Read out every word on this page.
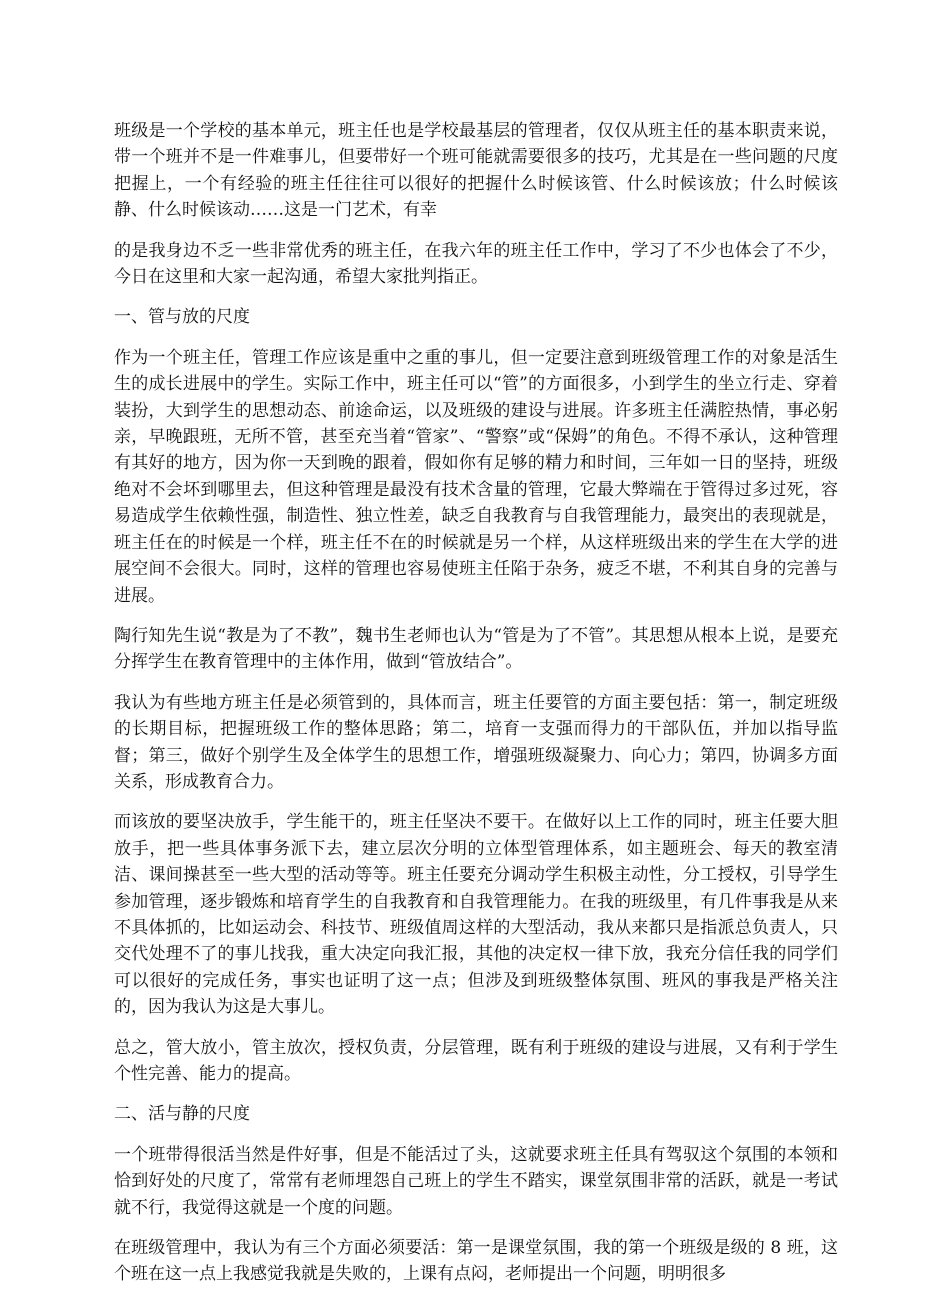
班级是一个学校的基本单元，班主任也是学校最基层的管理者，仅仅从班主任的基本职责来说，带一个班并不是一件难事儿，但要带好一个班可能就需要很多的技巧，尤其是在一些问题的尺度把握上，一个有经验的班主任往往可以很好的把握什么时候该管、什么时候该放；什么时候该静、什么时候该动……这是一门艺术，有幸

的是我身边不乏一些非常优秀的班主任，在我六年的班主任工作中，学习了不少也体会了不少，今日在这里和大家一起沟通，希望大家批判指正。

一、管与放的尺度

作为一个班主任，管理工作应该是重中之重的事儿，但一定要注意到班级管理工作的对象是活生生的成长进展中的学生。实际工作中，班主任可以“管”的方面很多，小到学生的坐立行走、穿着装扮，大到学生的思想动态、前途命运，以及班级的建设与进展。许多班主任满腔热情，事必躬亲，早晚跟班，无所不管，甚至充当着“管家”、“警察”或“保姆”的角色。不得不承认，这种管理有其好的地方，因为你一天到晚的跟着，假如你有足够的精力和时间，三年如一日的坚持，班级绝对不会坏到哪里去，但这种管理是最没有技术含量的管理，它最大弊端在于管得过多过死，容易造成学生依赖性强，制造性、独立性差，缺乏自我教育与自我管理能力，最突出的表现就是，班主任在的时候是一个样，班主任不在的时候就是另一个样，从这样班级出来的学生在大学的进展空间不会很大。同时，这样的管理也容易使班主任陷于杂务，疲乏不堪，不利其自身的完善与进展。

陶行知先生说“教是为了不教”，魏书生老师也认为“管是为了不管”。其思想从根本上说，是要充分挥学生在教育管理中的主体作用，做到“管放结合”。

我认为有些地方班主任是必须管到的，具体而言，班主任要管的方面主要包括：第一，制定班级的长期目标，把握班级工作的整体思路；第二，培育一支强而得力的干部队伍，并加以指导监督；第三，做好个别学生及全体学生的思想工作，增强班级凝聚力、向心力；第四，协调多方面关系，形成教育合力。

而该放的要坚决放手，学生能干的，班主任坚决不要干。在做好以上工作的同时，班主任要大胆放手，把一些具体事务派下去，建立层次分明的立体型管理体系，如主题班会、每天的教室清洁、课间操甚至一些大型的活动等等。班主任要充分调动学生积极主动性，分工授权，引导学生参加管理，逐步锻炼和培育学生的自我教育和自我管理能力。在我的班级里，有几件事我是从来不具体抓的，比如运动会、科技节、班级值周这样的大型活动，我从来都只是指派总负责人，只交代处理不了的事儿找我，重大决定向我汇报，其他的决定权一律下放，我充分信任我的同学们可以很好的完成任务，事实也证明了这一点；但涉及到班级整体氛围、班风的事我是严格关注的，因为我认为这是大事儿。

总之，管大放小，管主放次，授权负责，分层管理，既有利于班级的建设与进展，又有利于学生个性完善、能力的提高。

二、活与静的尺度

一个班带得很活当然是件好事，但是不能活过了头，这就要求班主任具有驾驭这个氛围的本领和恰到好处的尺度了，常常有老师埋怨自己班上的学生不踏实，课堂氛围非常的活跃，就是一考试就不行，我觉得这就是一个度的问题。

在班级管理中，我认为有三个方面必须要活：第一是课堂氛围，我的第一个班级是级的 8 班，这个班在这一点上我感觉我就是失败的，上课有点闷，老师提出一个问题，明明很多
